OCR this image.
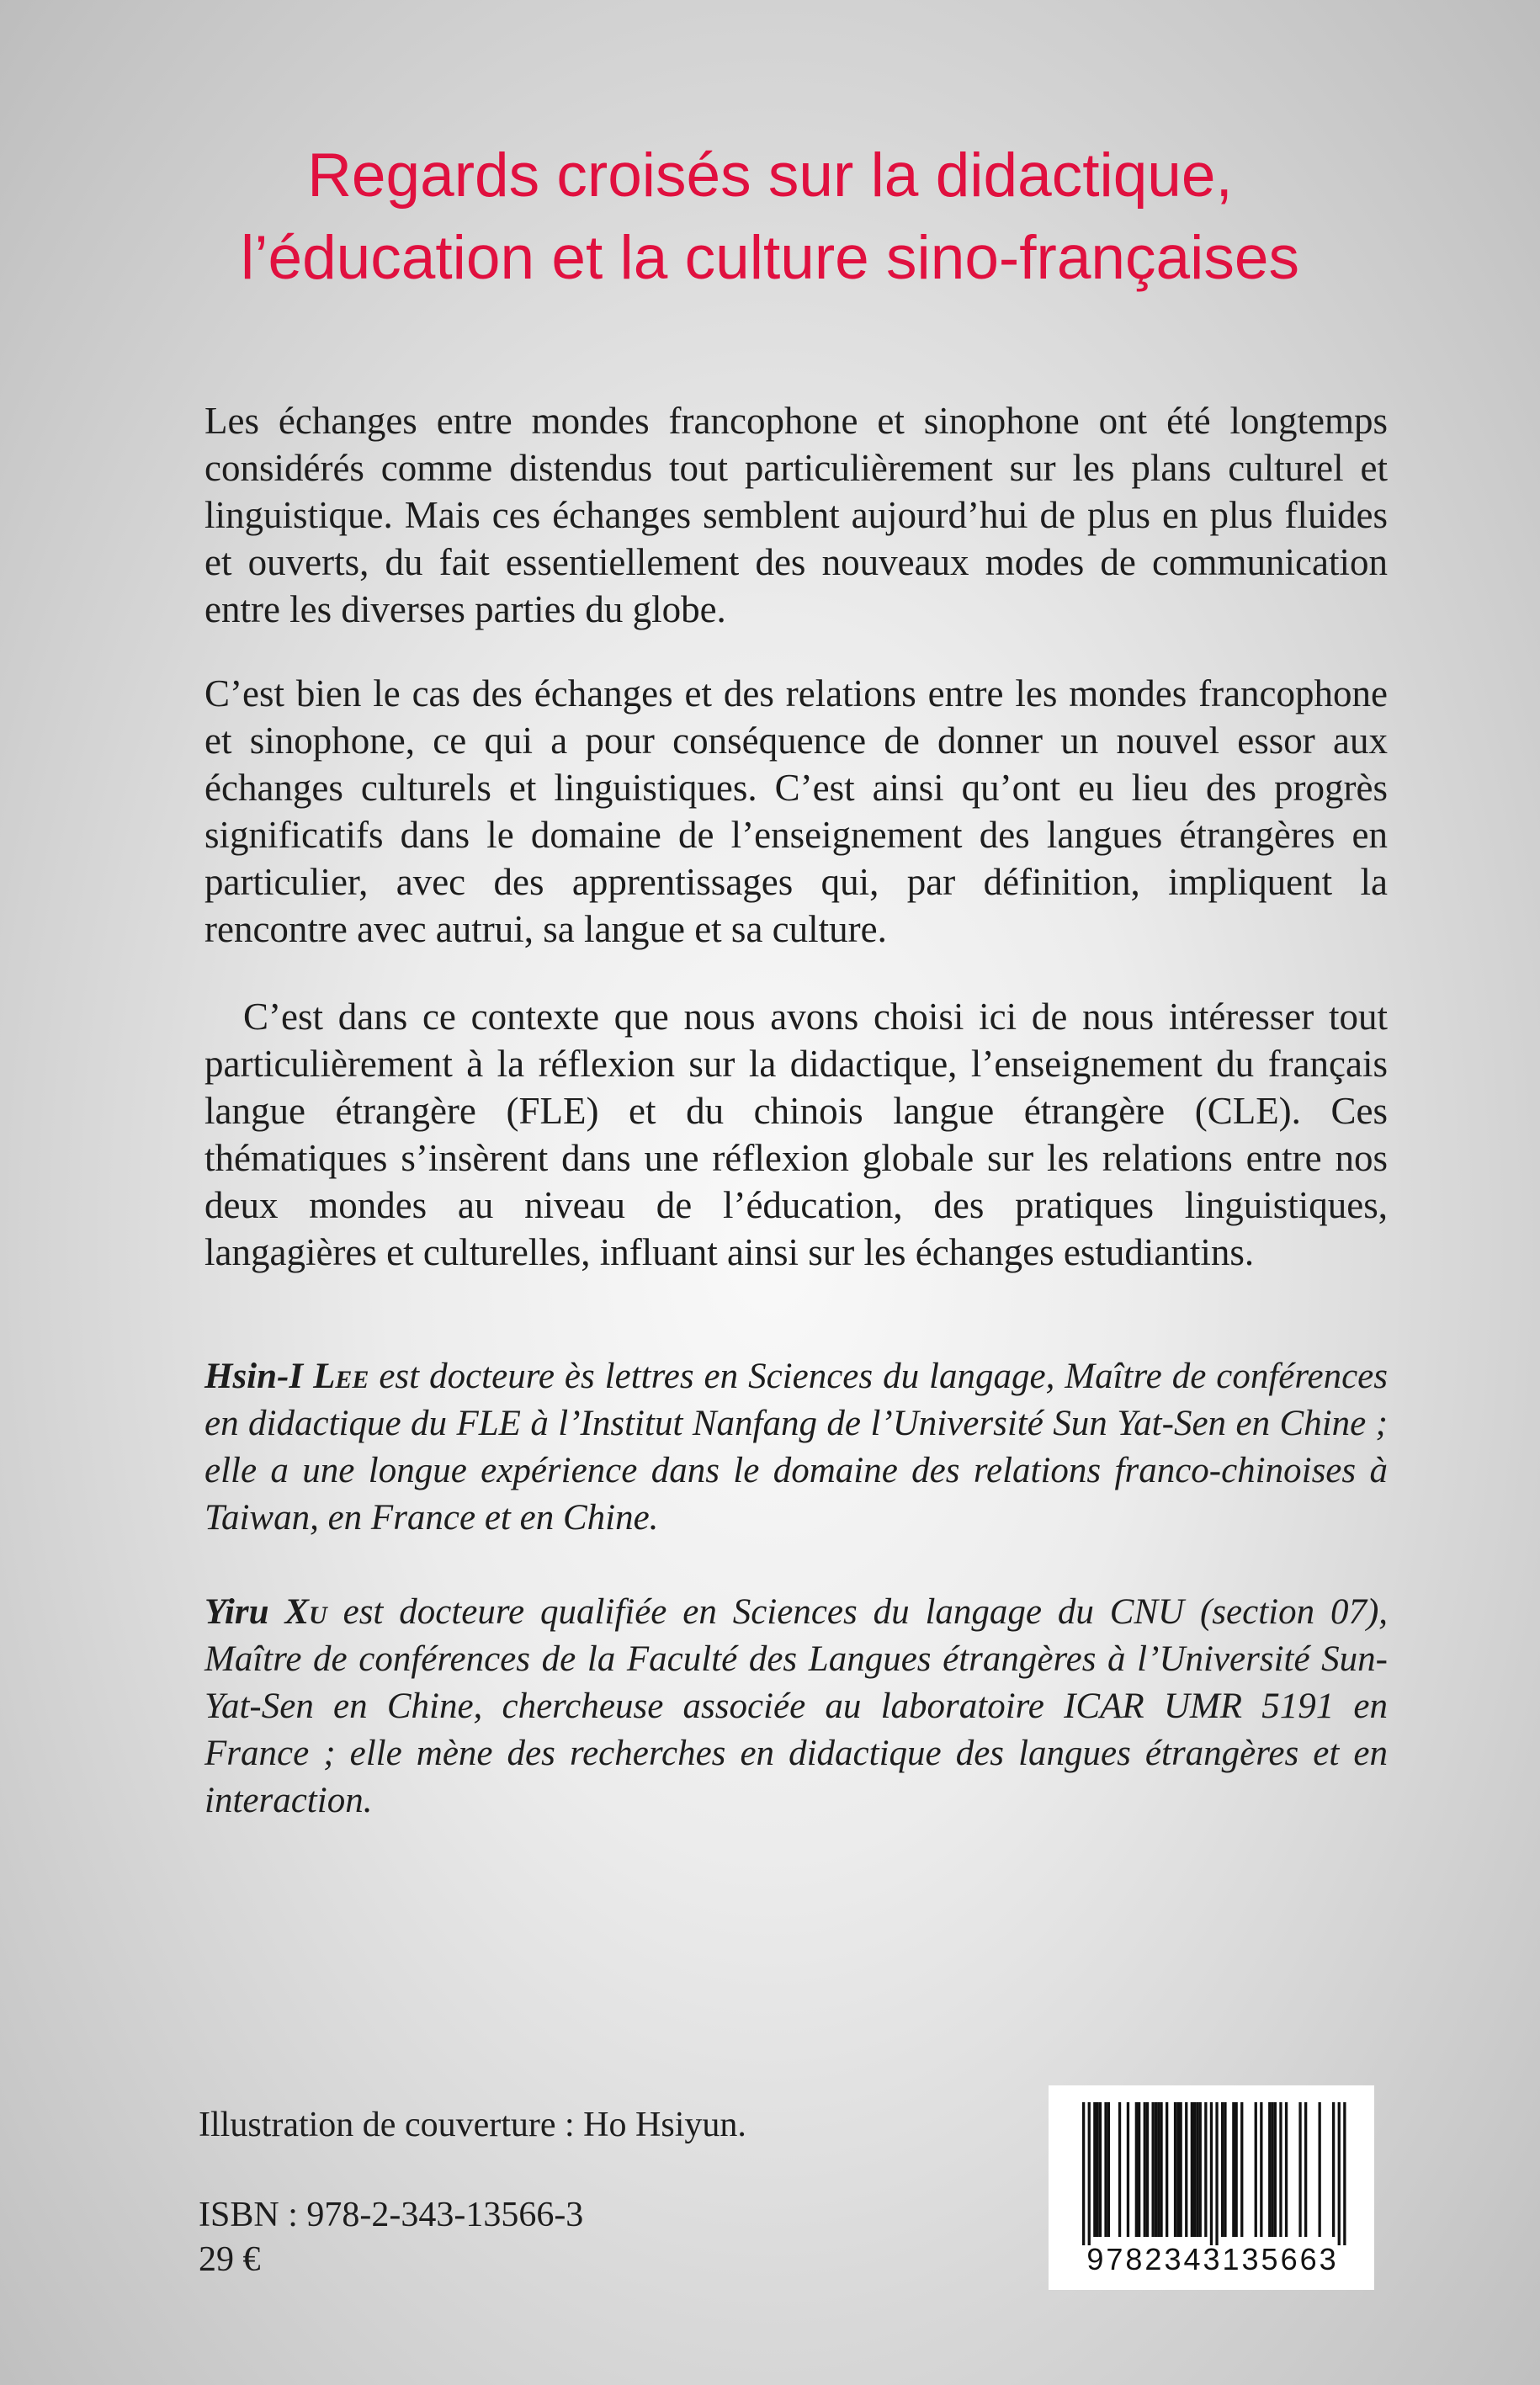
Regards croisés sur la didactique,
l’éducation et la culture sino-françaises

Les échanges entre mondes francophone et sinophone ont été longtemps considérés comme distendus tout particulièrement sur les plans culturel et linguistique. Mais ces échanges semblent aujourd’hui de plus en plus fluides et ouverts, du fait essentiellement des nouveaux modes de communication entre les diverses parties du globe.

C’est bien le cas des échanges et des relations entre les mondes francophone et sinophone, ce qui a pour conséquence de donner un nouvel essor aux échanges culturels et linguistiques. C’est ainsi qu’ont eu lieu des progrès significatifs dans le domaine de l’enseignement des langues étrangères en particulier, avec des apprentissages qui, par définition, impliquent la rencontre avec autrui, sa langue et sa culture.

C’est dans ce contexte que nous avons choisi ici de nous intéresser tout particulièrement à la réflexion sur la didactique, l’enseignement du français langue étrangère (FLE) et du chinois langue étrangère (CLE). Ces thématiques s’insèrent dans une réflexion globale sur les relations entre nos deux mondes au niveau de l’éducation, des pratiques linguistiques, langagières et culturelles, influant ainsi sur les échanges estudiantins.

Hsin-I Lee est docteure ès lettres en Sciences du langage, Maître de conférences en didactique du FLE à l’Institut Nanfang de l’Université Sun Yat-Sen en Chine ; elle a une longue expérience dans le domaine des relations franco-chinoises à Taiwan, en France et en Chine.

Yiru Xu est docteure qualifiée en Sciences du langage du CNU (section 07), Maître de conférences de la Faculté des Langues étrangères à l’Université Sun-Yat-Sen en Chine, chercheuse associée au laboratoire ICAR UMR 5191 en France ; elle mène des recherches en didactique des langues étrangères et en interaction.

Illustration de couverture : Ho Hsiyun.
ISBN : 978-2-343-13566-3
29 €	9782343135663
